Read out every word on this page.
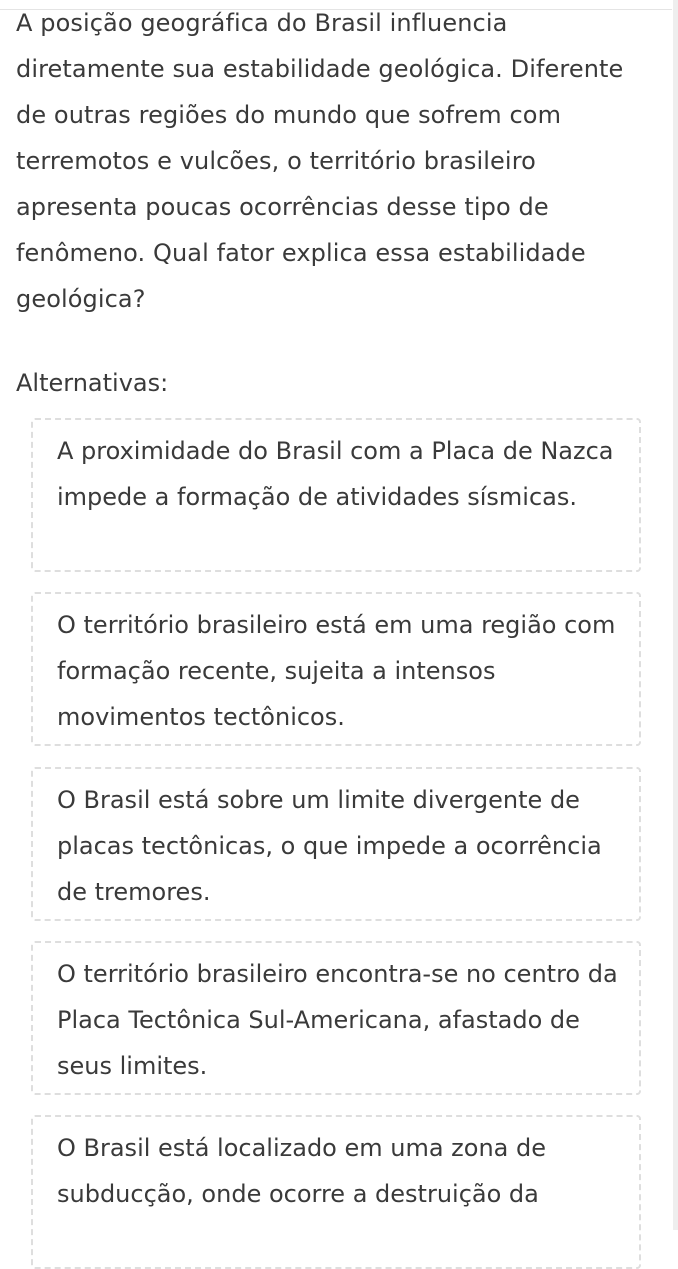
A posição geográfica do Brasil influencia diretamente sua estabilidade geológica. Diferente de outras regiões do mundo que sofrem com terremotos e vulcões, o território brasileiro apresenta poucas ocorrências desse tipo de fenômeno. Qual fator explica essa estabilidade geológica?

Alternativas:

A proximidade do Brasil com a Placa de Nazca impede a formação de atividades sísmicas.
O território brasileiro está em uma região com formação recente, sujeita a intensos movimentos tectônicos.
O Brasil está sobre um limite divergente de placas tectônicas, o que impede a ocorrência de tremores.
O território brasileiro encontra-se no centro da Placa Tectônica Sul-Americana, afastado de seus limites.
O Brasil está localizado em uma zona de subducção, onde ocorre a destruição da
